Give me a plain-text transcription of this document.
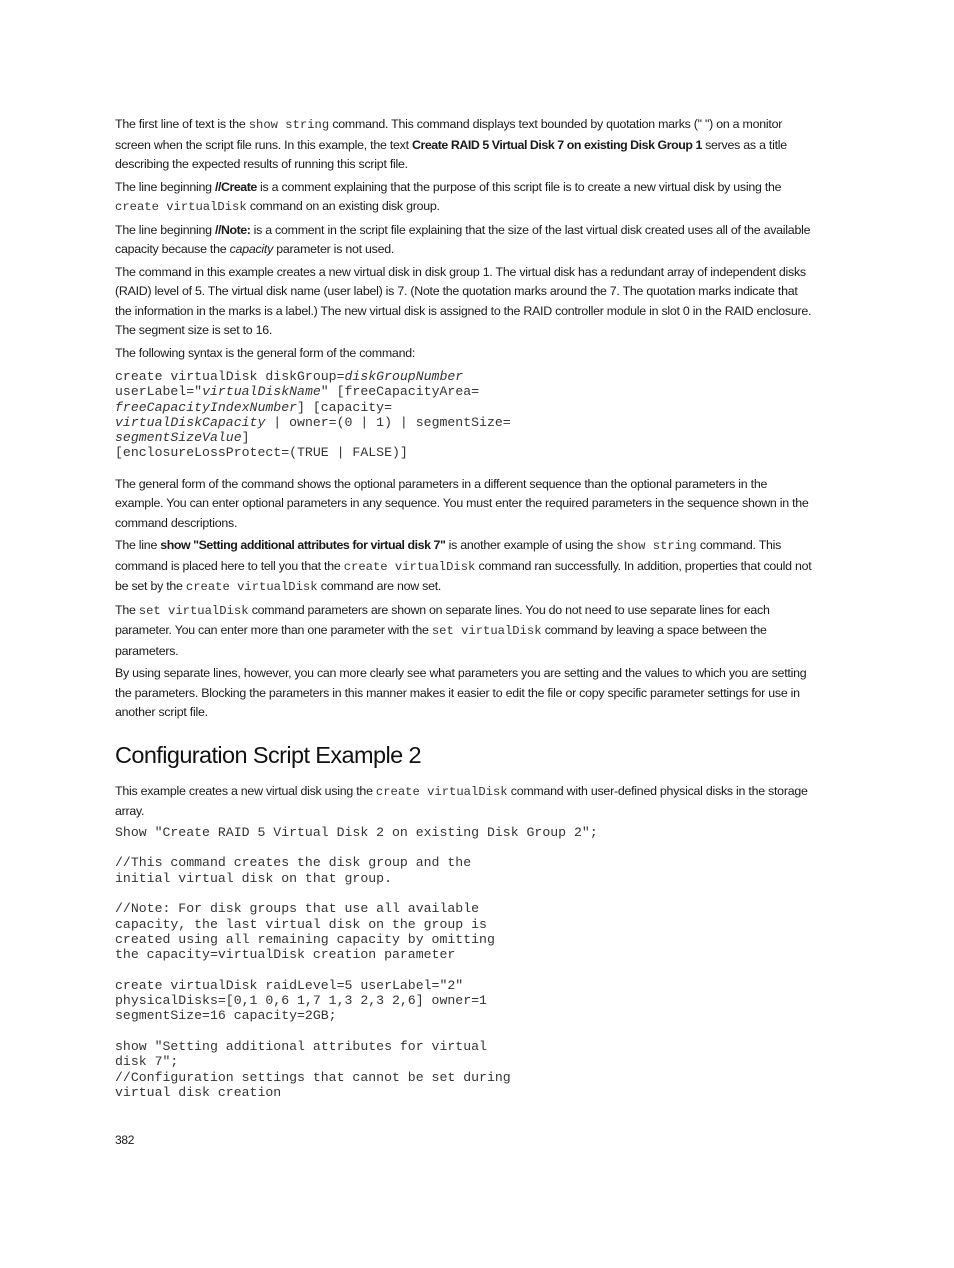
The first line of text is the show string command. This command displays text bounded by quotation marks (" ") on a monitor screen when the script file runs. In this example, the text Create RAID 5 Virtual Disk 7 on existing Disk Group 1 serves as a title describing the expected results of running this script file.

The line beginning //Create is a comment explaining that the purpose of this script file is to create a new virtual disk by using the create virtualDisk command on an existing disk group.

The line beginning //Note: is a comment in the script file explaining that the size of the last virtual disk created uses all of the available capacity because the capacity parameter is not used.

The command in this example creates a new virtual disk in disk group 1. The virtual disk has a redundant array of independent disks (RAID) level of 5. The virtual disk name (user label) is 7. (Note the quotation marks around the 7. The quotation marks indicate that the information in the marks is a label.) The new virtual disk is assigned to the RAID controller module in slot 0 in the RAID enclosure. The segment size is set to 16.

The following syntax is the general form of the command:

create virtualDisk diskGroup=diskGroupNumber
userLabel="virtualDiskName" [freeCapacityArea=
freeCapacityIndexNumber] [capacity=
virtualDiskCapacity | owner=(0 | 1) | segmentSize=
segmentSizeValue]
[enclosureLossProtect=(TRUE | FALSE)]

The general form of the command shows the optional parameters in a different sequence than the optional parameters in the example. You can enter optional parameters in any sequence. You must enter the required parameters in the sequence shown in the command descriptions.

The line show "Setting additional attributes for virtual disk 7" is another example of using the show string command. This command is placed here to tell you that the create virtualDisk command ran successfully. In addition, properties that could not be set by the create virtualDisk command are now set.

The set virtualDisk command parameters are shown on separate lines. You do not need to use separate lines for each parameter. You can enter more than one parameter with the set virtualDisk command by leaving a space between the parameters.

By using separate lines, however, you can more clearly see what parameters you are setting and the values to which you are setting the parameters. Blocking the parameters in this manner makes it easier to edit the file or copy specific parameter settings for use in another script file.

Configuration Script Example 2

This example creates a new virtual disk using the create virtualDisk command with user-defined physical disks in the storage array.

Show "Create RAID 5 Virtual Disk 2 on existing Disk Group 2";

//This command creates the disk group and the
initial virtual disk on that group.

//Note: For disk groups that use all available
capacity, the last virtual disk on the group is
created using all remaining capacity by omitting
the capacity=virtualDisk creation parameter

create virtualDisk raidLevel=5 userLabel="2"
physicalDisks=[0,1 0,6 1,7 1,3 2,3 2,6] owner=1
segmentSize=16 capacity=2GB;

show "Setting additional attributes for virtual
disk 7";
//Configuration settings that cannot be set during
virtual disk creation
382
